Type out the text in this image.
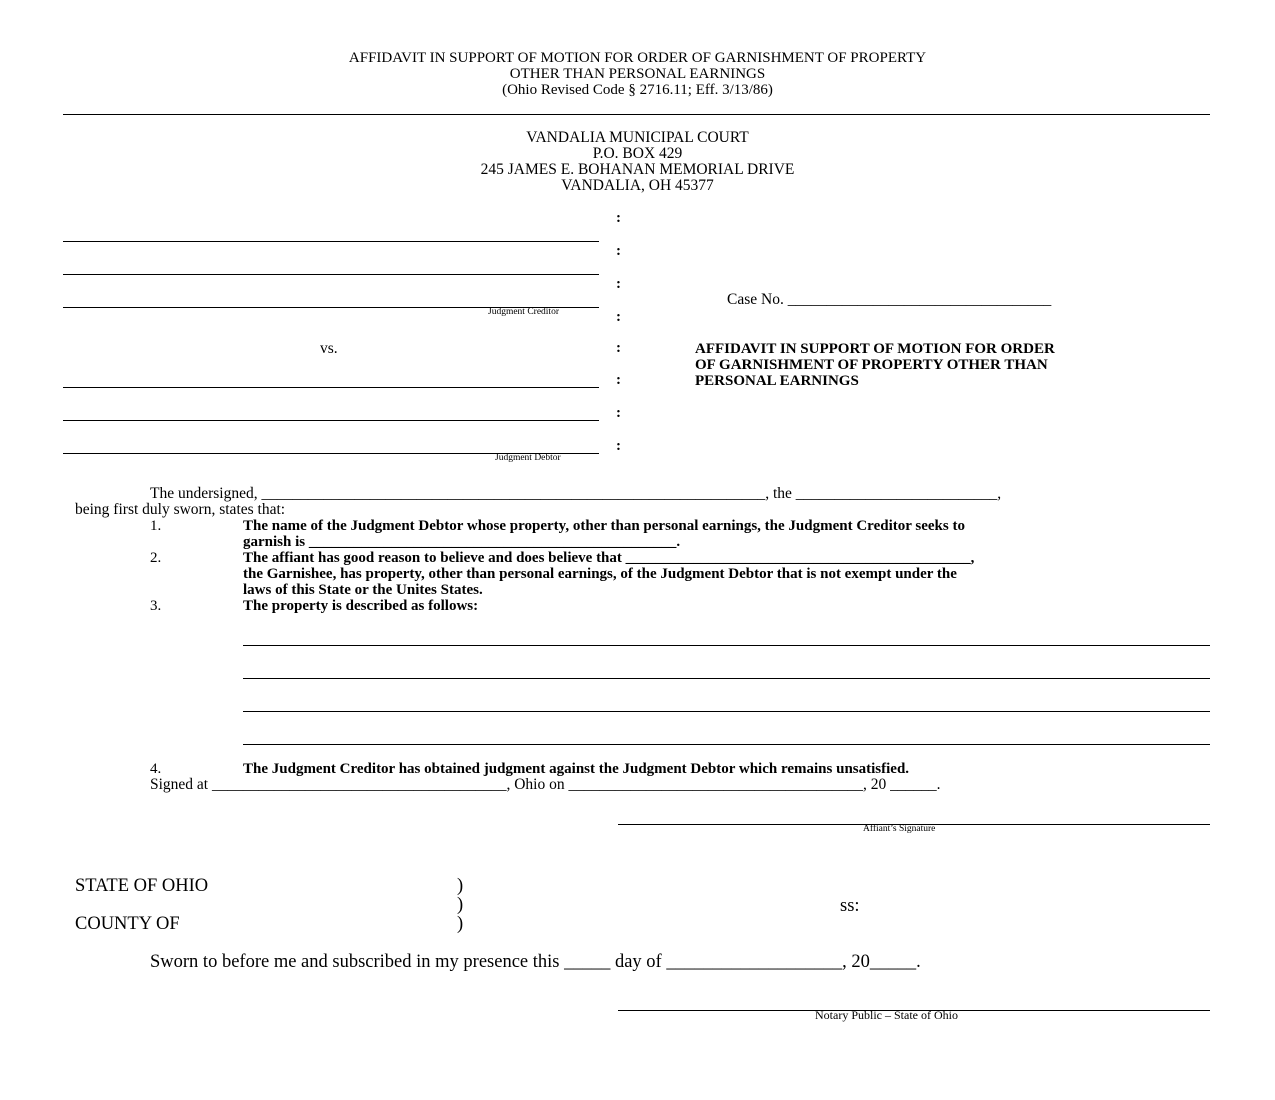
AFFIDAVIT IN SUPPORT OF MOTION FOR ORDER OF GARNISHMENT OF PROPERTY
OTHER THAN PERSONAL EARNINGS
(Ohio Revised Code § 2716.11; Eff. 3/13/86)
VANDALIA MUNICIPAL COURT
P.O. BOX 429
245 JAMES E. BOHANAN MEMORIAL DRIVE
VANDALIA, OH 45377
Judgment Creditor
vs.
Judgment Debtor
:
:
:
:
:
:
:
:
Case No. __________________________________
AFFIDAVIT IN SUPPORT OF MOTION FOR ORDER
OF GARNISHMENT OF PROPERTY OTHER THAN
PERSONAL EARNINGS
The undersigned, _________________________________________________________________, the __________________________,
being first duly sworn, states that:
1.	The name of the Judgment Debtor whose property, other than personal earnings, the Judgment Creditor seeks to
garnish is _________________________________________________.
2.	The affiant has good reason to believe and does believe that ______________________________________________,
the Garnishee, has property, other than personal earnings, of the Judgment Debtor that is not exempt under the
laws of this State or the Unites States.
3.	The property is described as follows:
4.	The Judgment Creditor has obtained judgment against the Judgment Debtor which remains unsatisfied.
Signed at ______________________________________, Ohio on ______________________________________, 20 ______.
Affiant’s Signature
STATE OF OHIO
COUNTY OF
)
)
)
ss:
Sworn to before me and subscribed in my presence this _____ day of ___________________, 20_____.
Notary Public – State of Ohio
